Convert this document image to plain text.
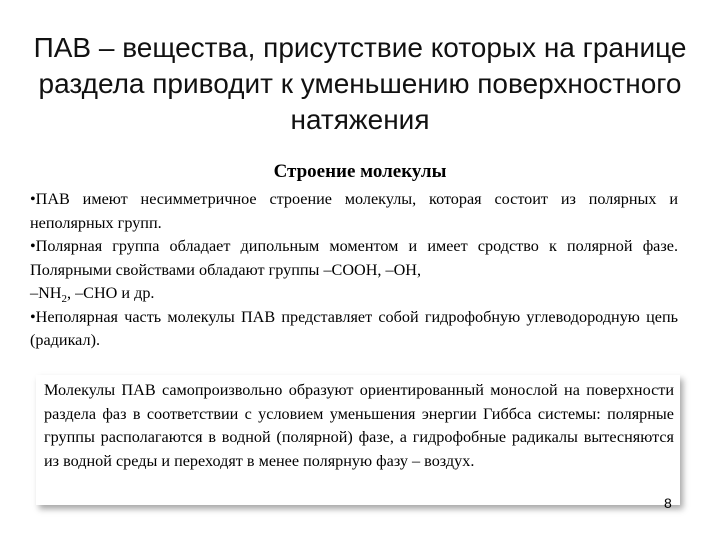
ПАВ – вещества, присутствие которых на границе раздела приводит к уменьшению поверхностного натяжения
Строение молекулы

•ПАВ имеют несимметричное строение молекулы, которая состоит из полярных и неполярных групп.

•Полярная группа обладает дипольным моментом и имеет сродство к полярной фазе. Полярными свойствами обладают группы –СООН, –ОН,
$-NH_2$, –СНО и др.

•Неполярная часть молекулы ПАВ представляет собой гидрофобную углеводородную цепь (радикал).

Молекулы ПАВ самопроизвольно образуют ориентированный монослой на поверхности раздела фаз в соответствии с условием уменьшения энергии Гиббса системы: полярные группы располагаются в водной (полярной) фазе, а гидрофобные радикалы вытесняются из водной среды и переходят в менее полярную фазу – воздух.
8
